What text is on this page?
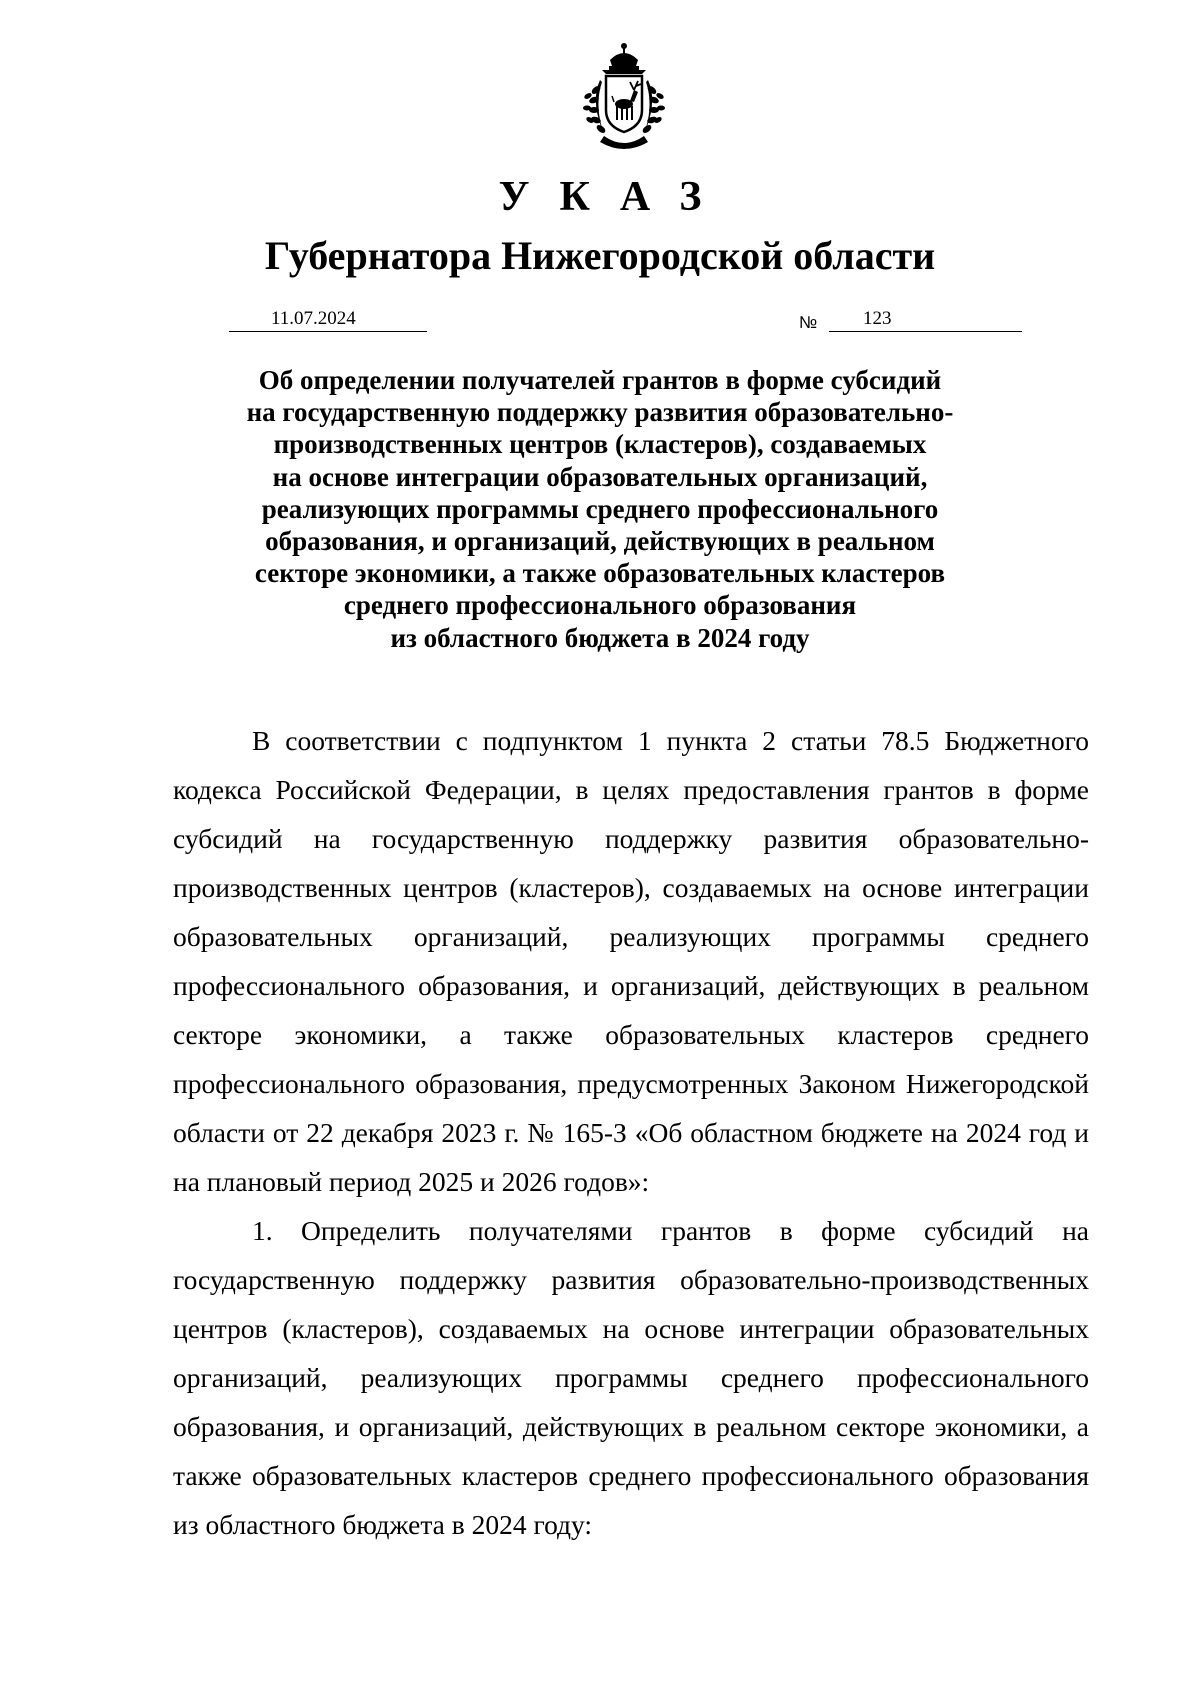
УКАЗ
Губернатора Нижегородской области
11.07.2024	№ 123
Об определении получателей грантов в форме субсидий
на государственную поддержку развития образовательно-
производственных центров (кластеров), создаваемых
на основе интеграции образовательных организаций,
реализующих программы среднего профессионального
образования, и организаций, действующих в реальном
секторе экономики, а также образовательных кластеров
среднего профессионального образования
из областного бюджета в 2024 году

В соответствии с подпунктом 1 пункта 2 статьи 78.5 Бюджетного кодекса Российской Федерации, в целях предоставления грантов в форме субсидий на государственную поддержку развития образовательно-производственных центров (кластеров), создаваемых на основе интеграции образовательных организаций, реализующих программы среднего профессионального образования, и организаций, действующих в реальном секторе экономики, а также образовательных кластеров среднего профессионального образования, предусмотренных Законом Нижегородской области от 22 декабря 2023 г. № 165-З «Об областном бюджете на 2024 год и на плановый период 2025 и 2026 годов»:

1. Определить получателями грантов в форме субсидий на государственную поддержку развития образовательно-производственных центров (кластеров), создаваемых на основе интеграции образовательных организаций, реализующих программы среднего профессионального образования, и организаций, действующих в реальном секторе экономики, а также образовательных кластеров среднего профессионального образования из областного бюджета в 2024 году:
